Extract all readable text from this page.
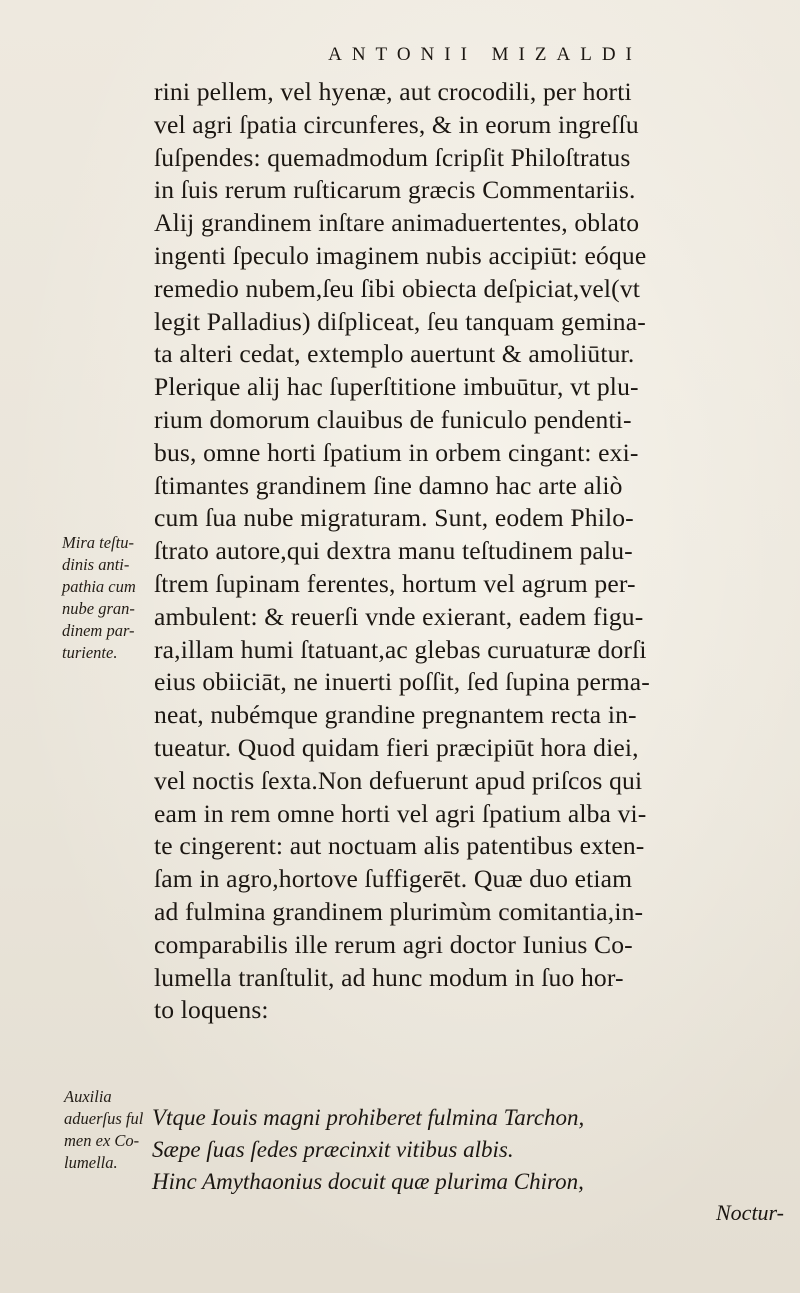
ANTONII MIZALDI
Mira teſtu-
dinis anti-
pathia cum
nube gran-
dinem par-
turiente.
Auxilia
aduerſus ful
men ex Co-
lumella.
rini pellem, vel hyenæ, aut crocodili, per horti
vel agri ſpatia circunferes, & in eorum ingreſſu
ſuſpendes: quemadmodum ſcripſit Philoſtratus
in ſuis rerum ruſticarum græcis Commentariis.
Alij grandinem inſtare animaduertentes, oblato
ingenti ſpeculo imaginem nubis accipiūt: eóque
remedio nubem,ſeu ſibi obiecta deſpiciat,vel(vt
legit Palladius) diſpliceat, ſeu tanquam gemina-
ta alteri cedat, extemplo auertunt & amoliūtur.
Plerique alij hac ſuperſtitione imbuūtur, vt plu-
rium domorum clauibus de funiculo pendenti-
bus, omne horti ſpatium in orbem cingant: exi-
ſtimantes grandinem ſine damno hac arte aliò
cum ſua nube migraturam. Sunt, eodem Philo-
ſtrato autore,qui dextra manu teſtudinem palu-
ſtrem ſupinam ferentes, hortum vel agrum per-
ambulent: & reuerſi vnde exierant, eadem figu-
ra,illam humi ſtatuant,ac glebas curuaturæ dorſi
eius obiiciāt, ne inuerti poſſit, ſed ſupina perma-
neat, nubémque grandine pregnantem recta in-
tueatur. Quod quidam fieri præcipiūt hora diei,
vel noctis ſexta.Non defuerunt apud priſcos qui
eam in rem omne horti vel agri ſpatium alba vi-
te cingerent: aut noctuam alis patentibus exten-
ſam in agro,hortove ſuffigerēt. Quæ duo etiam
ad fulmina grandinem plurimùm comitantia,in-
comparabilis ille rerum agri doctor Iunius Co-
lumella tranſtulit, ad hunc modum in ſuo hor-
to loquens:
Vtque Iouis magni prohiberet fulmina Tarchon,
Sæpe ſuas ſedes præcinxit vitibus albis.
Hinc Amythaonius docuit quæ plurima Chiron,
Noctur-
